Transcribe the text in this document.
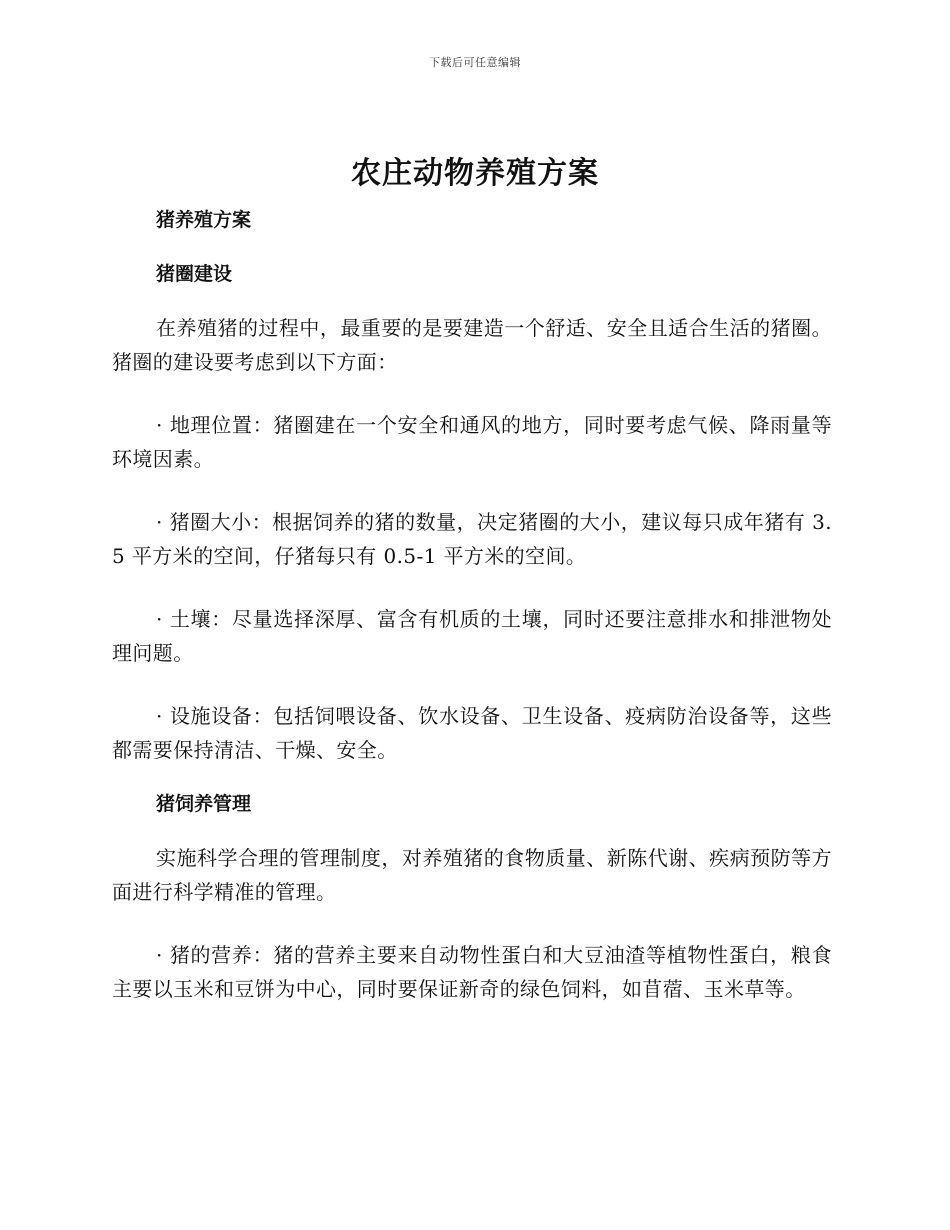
下载后可任意编辑
农庄动物养殖方案
猪养殖方案
猪圈建设

在养殖猪的过程中，最重要的是要建造一个舒适、安全且适合生活的猪圈。猪圈的建设要考虑到以下方面：

· 地理位置：猪圈建在一个安全和通风的地方，同时要考虑气候、降雨量等环境因素。

· 猪圈大小：根据饲养的猪的数量，决定猪圈的大小，建议每只成年猪有 3.5 平方米的空间，仔猪每只有 0.5-1 平方米的空间。

· 土壤：尽量选择深厚、富含有机质的土壤，同时还要注意排水和排泄物处理问题。

· 设施设备：包括饲喂设备、饮水设备、卫生设备、疫病防治设备等，这些都需要保持清洁、干燥、安全。

猪饲养管理

实施科学合理的管理制度，对养殖猪的食物质量、新陈代谢、疾病预防等方面进行科学精准的管理。

· 猪的营养：猪的营养主要来自动物性蛋白和大豆油渣等植物性蛋白，粮食主要以玉米和豆饼为中心，同时要保证新奇的绿色饲料，如苜蓿、玉米草等。
